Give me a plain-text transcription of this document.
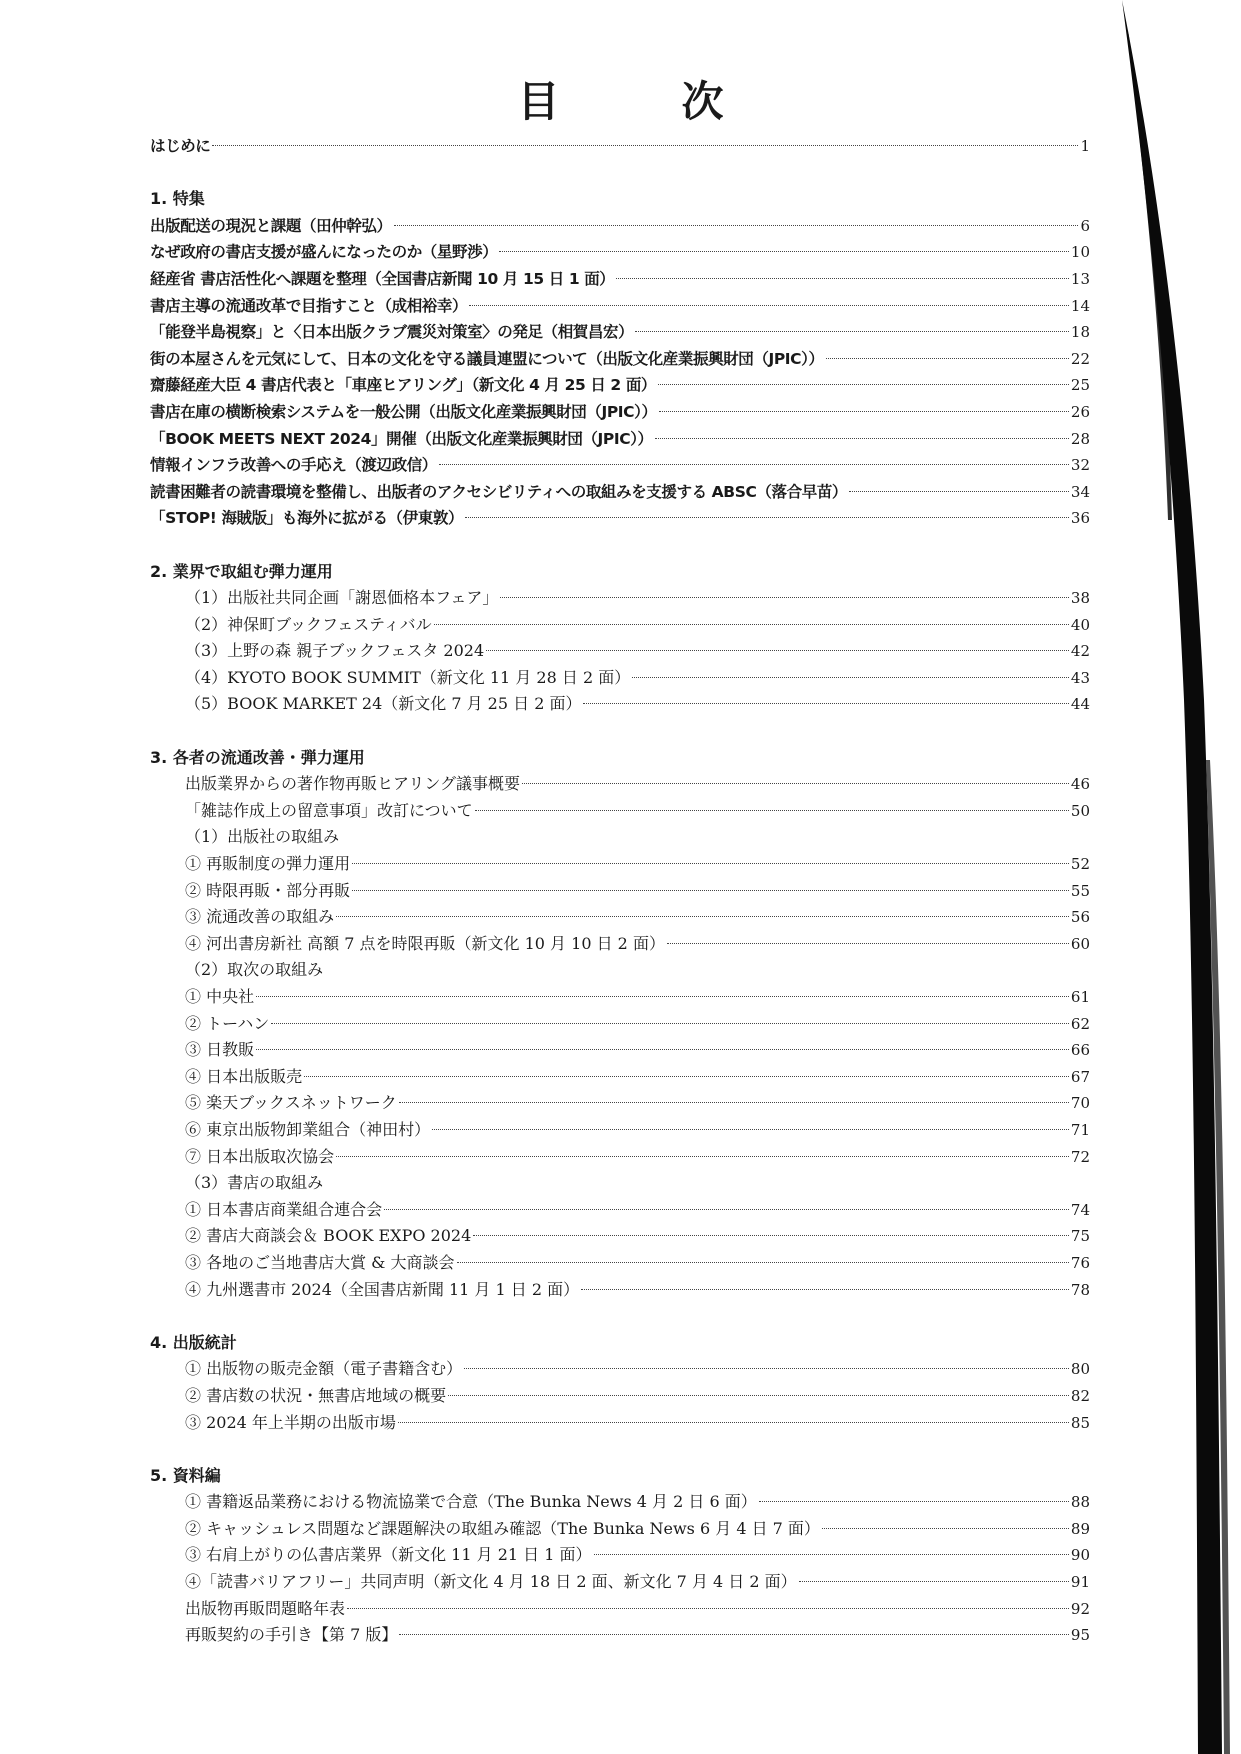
目　次
はじめに	1
1. 特集
出版配送の現況と課題（田仲幹弘）	6
なぜ政府の書店支援が盛んになったのか（星野渉）	10
経産省 書店活性化へ課題を整理（全国書店新聞 10 月 15 日 1 面）	13
書店主導の流通改革で目指すこと（成相裕幸）	14
「能登半島視察」と〈日本出版クラブ震災対策室〉の発足（相賀昌宏）	18
街の本屋さんを元気にして、日本の文化を守る議員連盟について（出版文化産業振興財団（JPIC））	22
齋藤経産大臣 4 書店代表と「車座ヒアリング」（新文化 4 月 25 日 2 面）	25
書店在庫の横断検索システムを一般公開（出版文化産業振興財団（JPIC））	26
「BOOK MEETS NEXT 2024」開催（出版文化産業振興財団（JPIC））	28
情報インフラ改善への手応え（渡辺政信）	32
読書困難者の読書環境を整備し、出版者のアクセシビリティへの取組みを支援する ABSC（落合早苗）	34
「STOP! 海賊版」も海外に拡がる（伊東敦）	36
2. 業界で取組む弾力運用
（1）出版社共同企画「謝恩価格本フェア」	38
（2）神保町ブックフェスティバル	40
（3）上野の森 親子ブックフェスタ 2024	42
（4）KYOTO BOOK SUMMIT（新文化 11 月 28 日 2 面）	43
（5）BOOK MARKET 24（新文化 7 月 25 日 2 面）	44
3. 各者の流通改善・弾力運用
出版業界からの著作物再販ヒアリング議事概要	46
「雑誌作成上の留意事項」改訂について	50
（1）出版社の取組み
① 再販制度の弾力運用	52
② 時限再販・部分再販	55
③ 流通改善の取組み	56
④ 河出書房新社 高額 7 点を時限再販（新文化 10 月 10 日 2 面）	60
（2）取次の取組み
① 中央社	61
② トーハン	62
③ 日教販	66
④ 日本出版販売	67
⑤ 楽天ブックスネットワーク	70
⑥ 東京出版物卸業組合（神田村）	71
⑦ 日本出版取次協会	72
（3）書店の取組み
① 日本書店商業組合連合会	74
② 書店大商談会＆ BOOK EXPO 2024	75
③ 各地のご当地書店大賞 & 大商談会	76
④ 九州選書市 2024（全国書店新聞 11 月 1 日 2 面）	78
4. 出版統計
① 出版物の販売金額（電子書籍含む）	80
② 書店数の状況・無書店地域の概要	82
③ 2024 年上半期の出版市場	85
5. 資料編
① 書籍返品業務における物流協業で合意（The Bunka News 4 月 2 日 6 面）	88
② キャッシュレス問題など課題解決の取組み確認（The Bunka News 6 月 4 日 7 面）	89
③ 右肩上がりの仏書店業界（新文化 11 月 21 日 1 面）	90
④「読書バリアフリー」共同声明（新文化 4 月 18 日 2 面、新文化 7 月 4 日 2 面）	91
出版物再販問題略年表	92
再販契約の手引き【第 7 版】	95
